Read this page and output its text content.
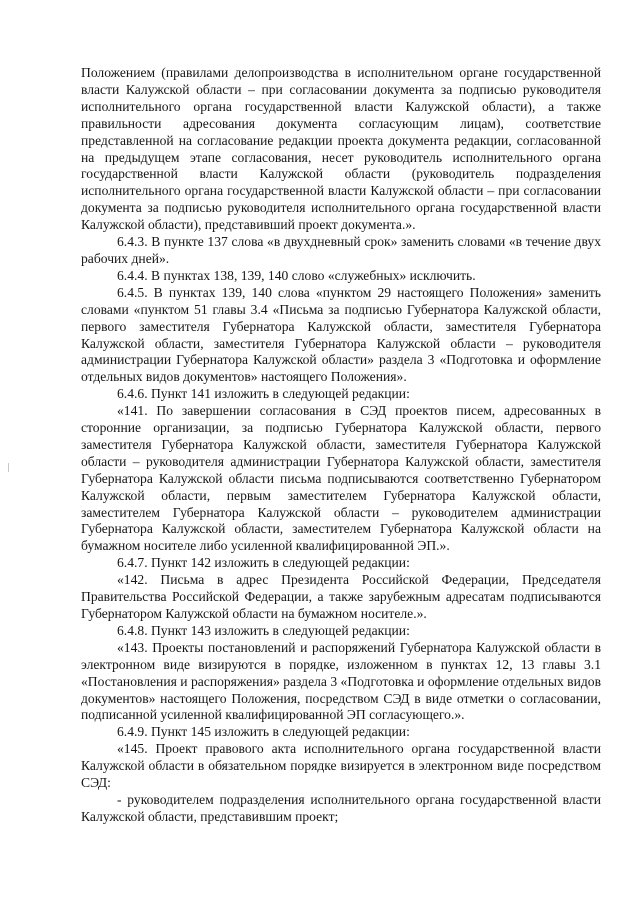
Положением (правилами делопроизводства в исполнительном органе государственной власти Калужской области – при согласовании документа за подписью руководителя исполнительного органа государственной власти Калужской области), а также правильности адресования документа согласующим лицам), соответствие представленной на согласование редакции проекта документа редакции, согласованной на предыдущем этапе согласования, несет руководитель исполнительного органа государственной власти Калужской области (руководитель подразделения исполнительного органа государственной власти Калужской области – при согласовании документа за подписью руководителя исполнительного органа государственной власти Калужской области), представивший проект документа.».

6.4.3. В пункте 137 слова «в двухдневный срок» заменить словами «в течение двух рабочих дней».

6.4.4. В пунктах 138, 139, 140 слово «служебных» исключить.

6.4.5. В пунктах 139, 140 слова «пунктом 29 настоящего Положения» заменить словами «пунктом 51 главы 3.4 «Письма за подписью Губернатора Калужской области, первого заместителя Губернатора Калужской области, заместителя Губернатора Калужской области, заместителя Губернатора Калужской области – руководителя администрации Губернатора Калужской области» раздела 3 «Подготовка и оформление отдельных видов документов» настоящего Положения».

6.4.6. Пункт 141 изложить в следующей редакции:

«141. По завершении согласования в СЭД проектов писем, адресованных в сторонние организации, за подписью Губернатора Калужской области, первого заместителя Губернатора Калужской области, заместителя Губернатора Калужской области – руководителя администрации Губернатора Калужской области, заместителя Губернатора Калужской области письма подписываются соответственно Губернатором Калужской области, первым заместителем Губернатора Калужской области, заместителем Губернатора Калужской области – руководителем администрации Губернатора Калужской области, заместителем Губернатора Калужской области на бумажном носителе либо усиленной квалифицированной ЭП.».

6.4.7. Пункт 142 изложить в следующей редакции:

«142. Письма в адрес Президента Российской Федерации, Председателя Правительства Российской Федерации, а также зарубежным адресатам подписываются Губернатором Калужской области на бумажном носителе.».

6.4.8. Пункт 143 изложить в следующей редакции:

«143. Проекты постановлений и распоряжений Губернатора Калужской области в электронном виде визируются в порядке, изложенном в пунктах 12, 13 главы 3.1 «Постановления и распоряжения» раздела 3 «Подготовка и оформление отдельных видов документов» настоящего Положения, посредством СЭД в виде отметки о согласовании, подписанной усиленной квалифицированной ЭП согласующего.».

6.4.9. Пункт 145 изложить в следующей редакции:

«145. Проект правового акта исполнительного органа государственной власти Калужской области в обязательном порядке визируется в электронном виде посредством СЭД:

- руководителем подразделения исполнительного органа государственной власти Калужской области, представившим проект;
